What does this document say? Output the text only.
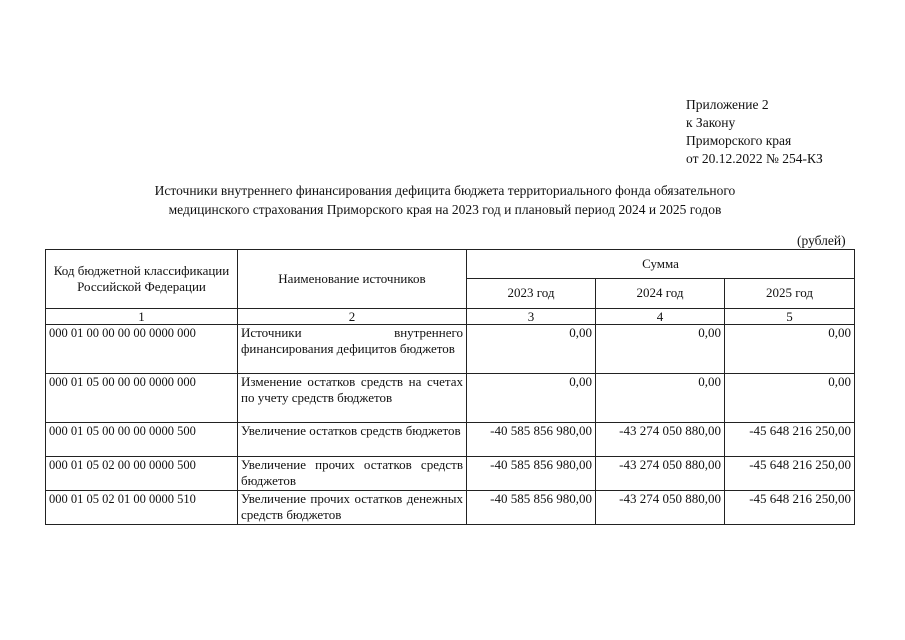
Приложение 2
к Закону
Приморского края
от 20.12.2022 № 254-КЗ
Источники внутреннего финансирования дефицита бюджета территориального фонда обязательного
медицинского страхования Приморского края на 2023 год и плановый период 2024 и 2025 годов
(рублей)
Код бюджетной классификации Российской Федерации	Наименование источников	Сумма		
		2023 год	2024 год	2025 год
1	2	3	4	5
000 01 00 00 00 00 0000 000	Источники внутреннего финансирования дефицитов бюджетов	0,00	0,00	0,00
000 01 05 00 00 00 0000 000	Изменение остатков средств на счетах по учету средств бюджетов	0,00	0,00	0,00
000 01 05 00 00 00 0000 500	Увеличение остатков средств бюджетов	-40 585 856 980,00	-43 274 050 880,00	-45 648 216 250,00
000 01 05 02 00 00 0000 500	Увеличение прочих остатков средств бюджетов	-40 585 856 980,00	-43 274 050 880,00	-45 648 216 250,00
000 01 05 02 01 00 0000 510	Увеличение прочих остатков денежных средств бюджетов	-40 585 856 980,00	-43 274 050 880,00	-45 648 216 250,00
